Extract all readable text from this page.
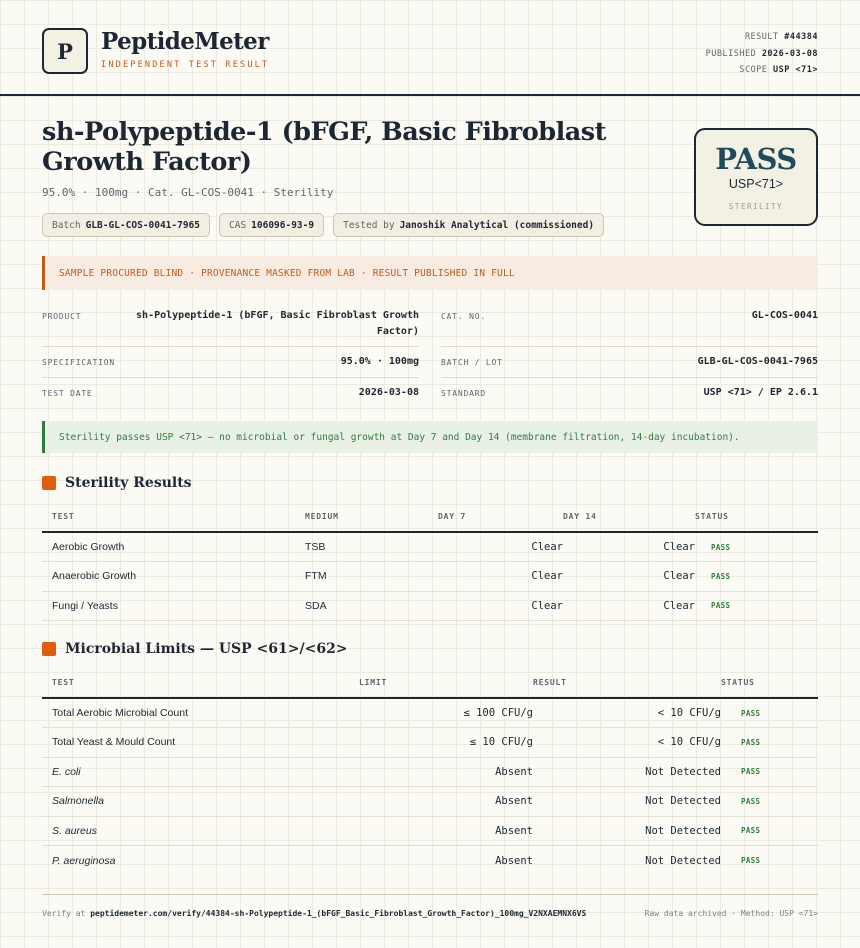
P	PeptideMeter
INDEPENDENT TEST RESULT
RESULT #44384
PUBLISHED 2026-03-08
SCOPE USP <71>
sh-Polypeptide-1 (bFGF, Basic Fibroblast Growth Factor)
95.0% · 100mg · Cat. GL-COS-0041 · Sterility
Batch GLB-GL-COS-0041-7965	CAS 106096-93-9	Tested by Janoshik Analytical (commissioned)
PASS
USP<71>
STERILITY
SAMPLE PROCURED BLIND · PROVENANCE MASKED FROM LAB · RESULT PUBLISHED IN FULL
PRODUCT	sh-Polypeptide-1 (bFGF, Basic Fibroblast Growth Factor)
CAT. NO.	GL-COS-0041
SPECIFICATION	95.0% · 100mg	BATCH / LOT	GLB-GL-COS-0041-7965
TEST DATE	2026-03-08	STANDARD	USP <71> / EP 2.6.1
Sterility passes USP <71> — no microbial or fungal growth at Day 7 and Day 14 (membrane filtration, 14-day incubation).
Sterility Results
TEST	MEDIUM	DAY 7	DAY 14	STATUS
Aerobic Growth	TSB	Clear	Clear	PASS
Anaerobic Growth	FTM	Clear	Clear	PASS
Fungi / Yeasts	SDA	Clear	Clear	PASS
Microbial Limits — USP <61>/<62>
TEST	LIMIT	RESULT	STATUS
Total Aerobic Microbial Count	≤ 100 CFU/g	< 10 CFU/g	PASS
Total Yeast & Mould Count	≤ 10 CFU/g	< 10 CFU/g	PASS
E. coli	Absent	Not Detected	PASS
Salmonella	Absent	Not Detected	PASS
S. aureus	Absent	Not Detected	PASS
P. aeruginosa	Absent	Not Detected	PASS
Verify at peptidemeter.com/verify/44384-sh-Polypeptide-1_(bFGF_Basic_Fibroblast_Growth_Factor)_100mg_V2NXAEMNX6VS	Raw data archived · Method: USP <71>
